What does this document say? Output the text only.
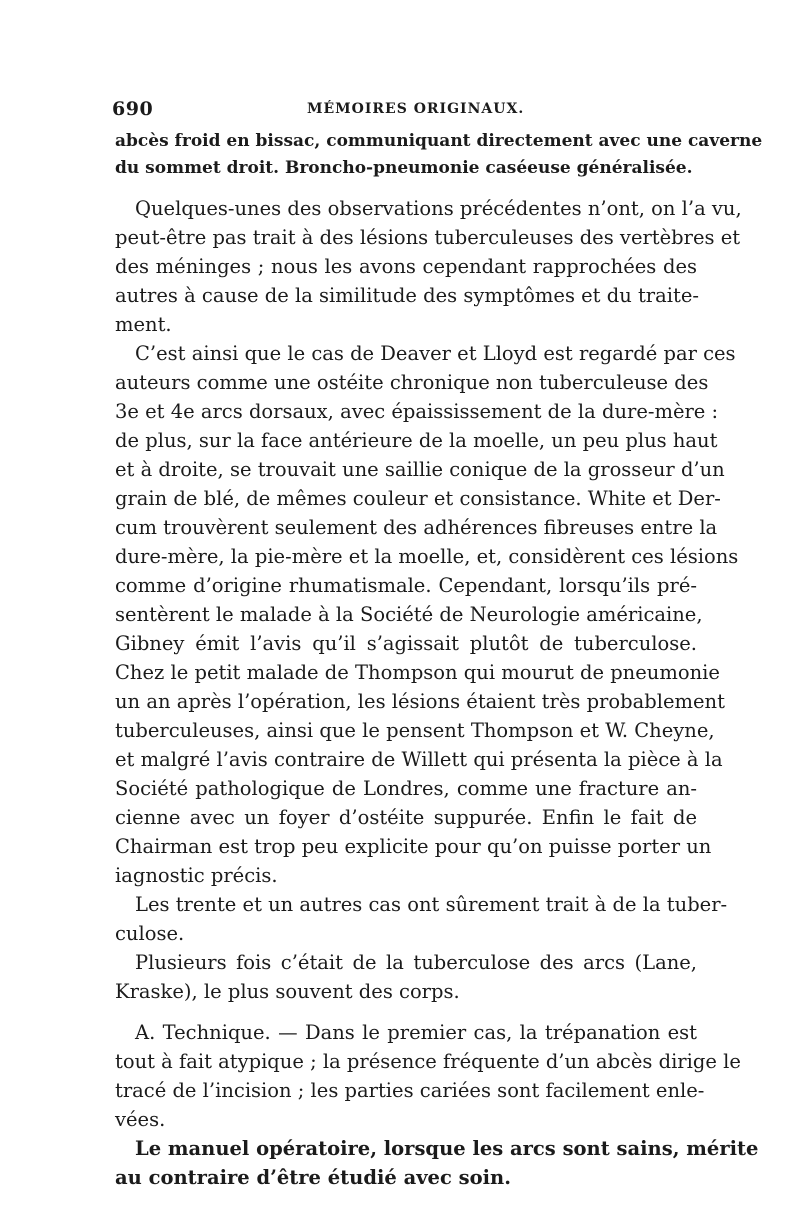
690	MÉMOIRES ORIGINAUX.
abcès froid en bissac, communiquant directement avec une caverne
du sommet droit. Broncho-pneumonie caséeuse généralisée.
Quelques-unes des observations précédentes n’ont, on l’a vu,
peut-être pas trait à des lésions tuberculeuses des vertèbres et
des méninges ; nous les avons cependant rapprochées des
autres à cause de la similitude des symptômes et du traite-
ment.
C’est ainsi que le cas de Deaver et Lloyd est regardé par ces
auteurs comme une ostéite chronique non tuberculeuse des
3e et 4e arcs dorsaux, avec épaississement de la dure-mère :
de plus, sur la face antérieure de la moelle, un peu plus haut
et à droite, se trouvait une saillie conique de la grosseur d’un
grain de blé, de mêmes couleur et consistance. White et Der-
cum trouvèrent seulement des adhérences fibreuses entre la
dure-mère, la pie-mère et la moelle, et, considèrent ces lésions
comme d’origine rhumatismale. Cependant, lorsqu’ils pré-
sentèrent le malade à la Société de Neurologie américaine,
Gibney émit l’avis qu’il s’agissait plutôt de tuberculose.
Chez le petit malade de Thompson qui mourut de pneumonie
un an après l’opération, les lésions étaient très probablement
tuberculeuses, ainsi que le pensent Thompson et W. Cheyne,
et malgré l’avis contraire de Willett qui présenta la pièce à la
Société pathologique de Londres, comme une fracture an-
cienne avec un foyer d’ostéite suppurée. Enfin le fait de
Chairman est trop peu explicite pour qu’on puisse porter un
iagnostic précis.
Les trente et un autres cas ont sûrement trait à de la tuber-
culose.
Plusieurs fois c’était de la tuberculose des arcs (Lane,
Kraske), le plus souvent des corps.
A. Technique. — Dans le premier cas, la trépanation est
tout à fait atypique ; la présence fréquente d’un abcès dirige le
tracé de l’incision ; les parties cariées sont facilement enle-
vées.
Le manuel opératoire, lorsque les arcs sont sains, mérite
au contraire d’être étudié avec soin.
